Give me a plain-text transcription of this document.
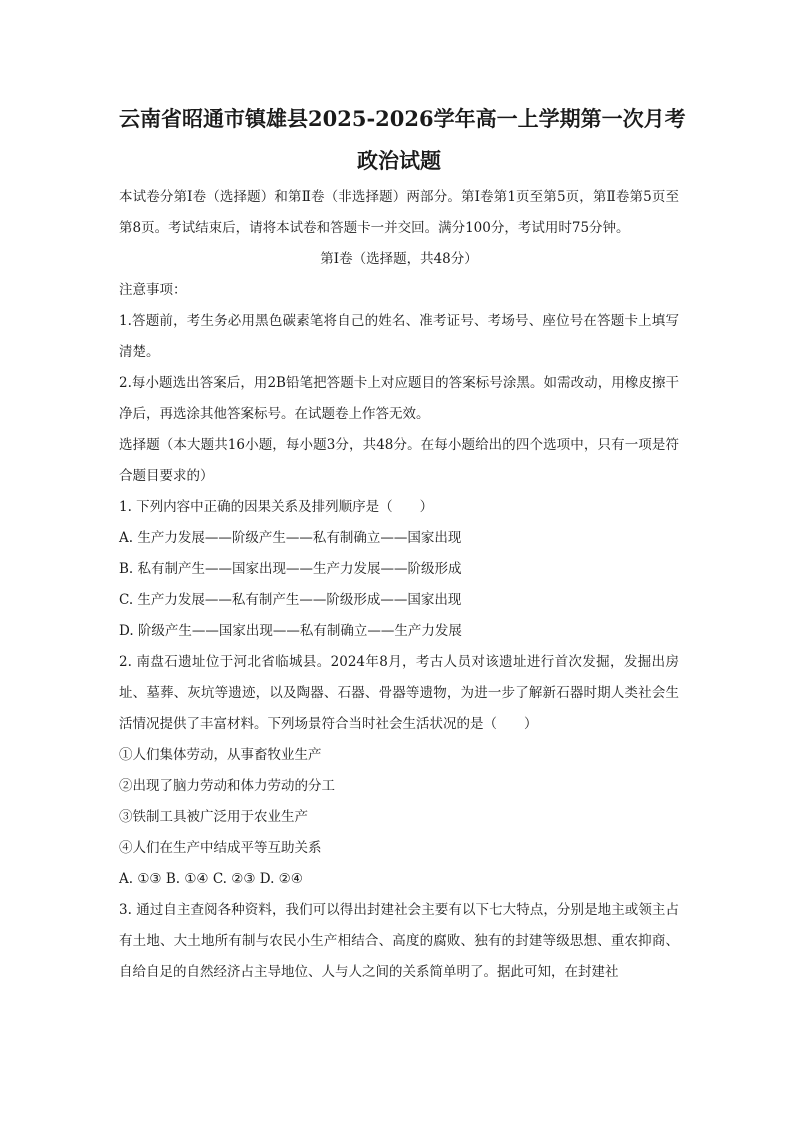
云南省昭通市镇雄县2025-2026学年高一上学期第一次月考
政治试题

本试卷分第Ⅰ卷（选择题）和第Ⅱ卷（非选择题）两部分。第Ⅰ卷第1页至第5页，第Ⅱ卷第5页至第8页。考试结束后，请将本试卷和答题卡一并交回。满分100分，考试用时75分钟。

第Ⅰ卷（选择题，共48分）

注意事项：

1.答题前，考生务必用黑色碳素笔将自己的姓名、准考证号、考场号、座位号在答题卡上填写清楚。

2.每小题选出答案后，用2B铅笔把答题卡上对应题目的答案标号涂黑。如需改动，用橡皮擦干净后，再选涂其他答案标号。在试题卷上作答无效。

选择题（本大题共16小题，每小题3分，共48分。在每小题给出的四个选项中，只有一项是符合题目要求的）

1. 下列内容中正确的因果关系及排列顺序是（　　）

A. 生产力发展——阶级产生——私有制确立——国家出现

B. 私有制产生——国家出现——生产力发展——阶级形成

C. 生产力发展——私有制产生——阶级形成——国家出现

D. 阶级产生——国家出现——私有制确立——生产力发展

2. 南盘石遗址位于河北省临城县。2024年8月，考古人员对该遗址进行首次发掘，发掘出房址、墓葬、灰坑等遗迹，以及陶器、石器、骨器等遗物，为进一步了解新石器时期人类社会生活情况提供了丰富材料。下列场景符合当时社会生活状况的是（　　）

①人们集体劳动，从事畜牧业生产

②出现了脑力劳动和体力劳动的分工

③铁制工具被广泛用于农业生产

④人们在生产中结成平等互助关系

A. ①③ B. ①④ C. ②③ D. ②④

3. 通过自主查阅各种资料，我们可以得出封建社会主要有以下七大特点，分别是地主或领主占有土地、大土地所有制与农民小生产相结合、高度的腐败、独有的封建等级思想、重农抑商、自给自足的自然经济占主导地位、人与人之间的关系简单明了。据此可知，在封建社
